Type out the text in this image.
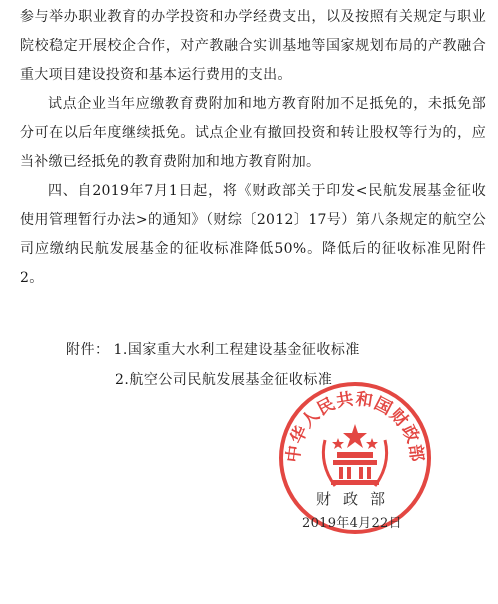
参与举办职业教育的办学投资和办学经费支出，以及按照有关规定与职业院校稳定开展校企合作，对产教融合实训基地等国家规划布局的产教融合重大项目建设投资和基本运行费用的支出。

试点企业当年应缴教育费附加和地方教育附加不足抵免的，未抵免部分可在以后年度继续抵免。试点企业有撤回投资和转让股权等行为的，应当补缴已经抵免的教育费附加和地方教育附加。

四、自2019年7月1日起，将《财政部关于印发<民航发展基金征收使用管理暂行办法>的通知》（财综〔2012〕17号）第八条规定的航空公司应缴纳民航发展基金的征收标准降低50%。降低后的征收标准见附件2。

附件： 1.国家重大水利工程建设基金征收标准
2.航空公司民航发展基金征收标准
中华人民共和国财政部
财政部
2019年4月22日
